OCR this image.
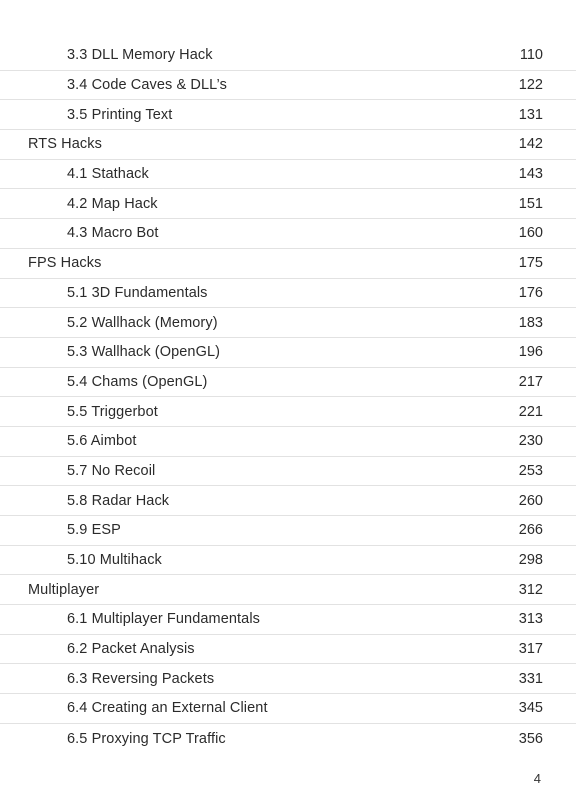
3.3 DLL Memory Hack	110
3.4 Code Caves & DLL’s	122
3.5 Printing Text	131
RTS Hacks	142
4.1 Stathack	143
4.2 Map Hack	151
4.3 Macro Bot	160
FPS Hacks	175
5.1 3D Fundamentals	176
5.2 Wallhack (Memory)	183
5.3 Wallhack (OpenGL)	196
5.4 Chams (OpenGL)	217
5.5 Triggerbot	221
5.6 Aimbot	230
5.7 No Recoil	253
5.8 Radar Hack	260
5.9 ESP	266
5.10 Multihack	298
Multiplayer	312
6.1 Multiplayer Fundamentals	313
6.2 Packet Analysis	317
6.3 Reversing Packets	331
6.4 Creating an External Client	345
6.5 Proxying TCP Traffic	356
4
